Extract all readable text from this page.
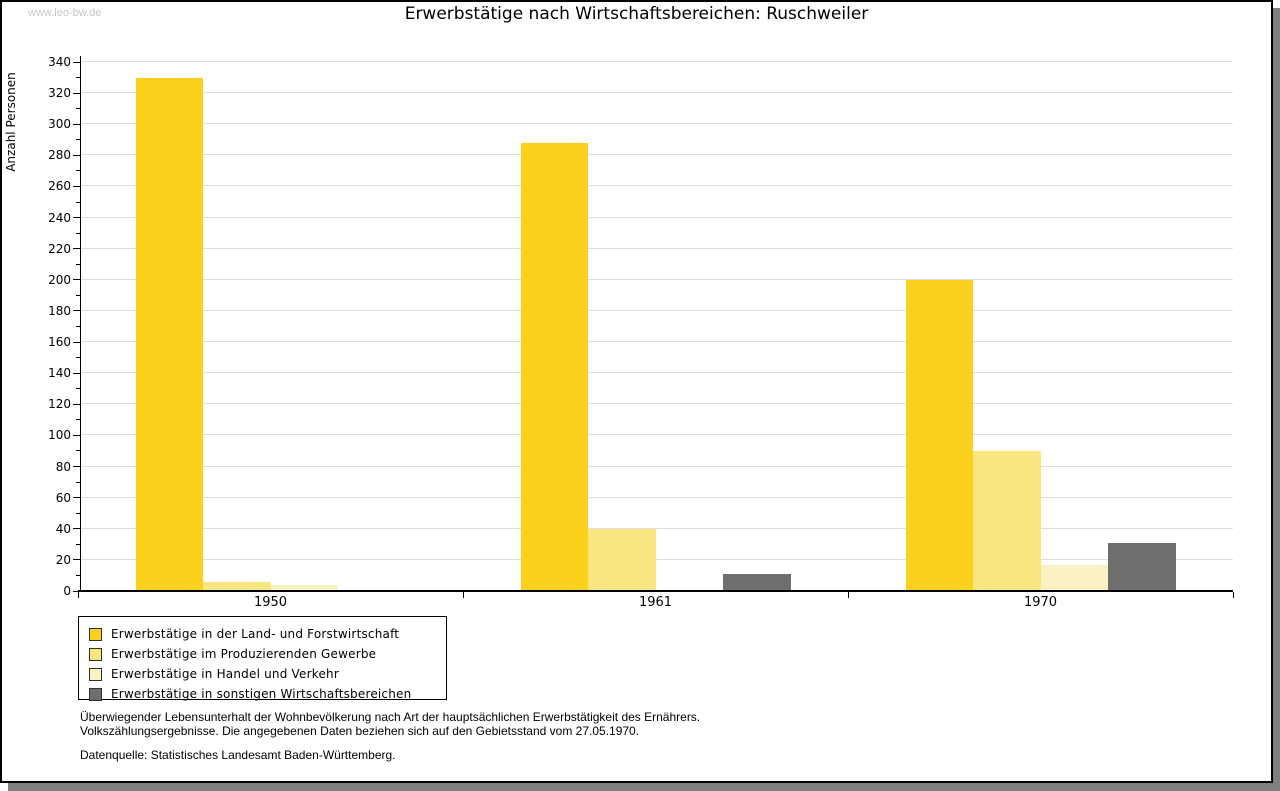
www.leo-bw.de	Erwerbstätige nach Wirtschaftsbereichen: Ruschweiler
Anzahl Personen
0
20
40
60
80
100
120
140
160
180
200
220
240
260
280
300
320
340
1950	1961	1970
Erwerbstätige in der Land- und Forstwirtschaft
Erwerbstätige im Produzierenden Gewerbe
Erwerbstätige in Handel und Verkehr
Erwerbstätige in sonstigen Wirtschaftsbereichen
Überwiegender Lebensunterhalt der Wohnbevölkerung nach Art der hauptsächlichen Erwerbstätigkeit des Ernährers.
Volkszählungsergebnisse. Die angegebenen Daten beziehen sich auf den Gebietsstand vom 27.05.1970.
Datenquelle: Statistisches Landesamt Baden-Württemberg.
